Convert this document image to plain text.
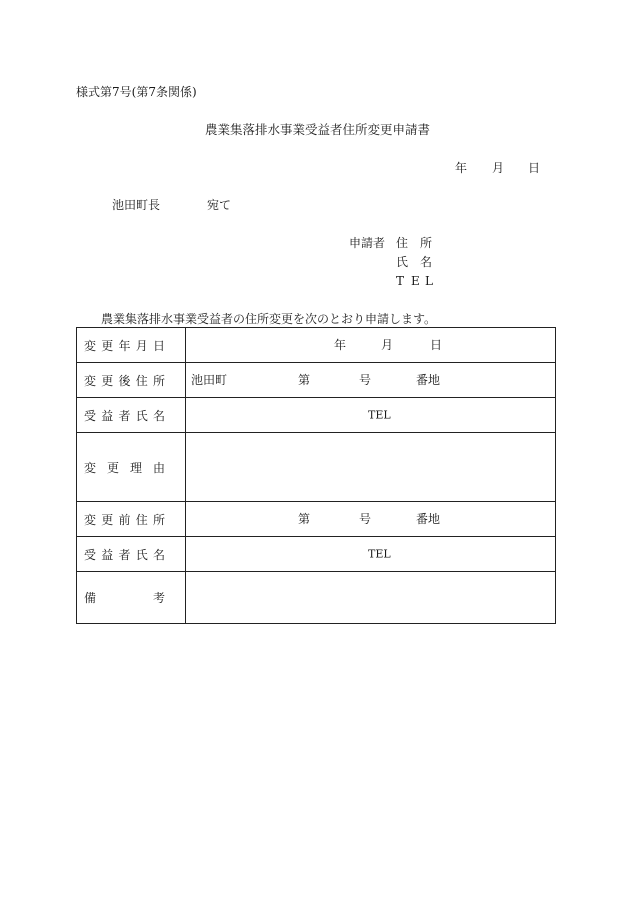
様式第7号(第7条関係)
農業集落排水事業受益者住所変更申請書
年 月 日
池田町長	宛て
申請者 住 所
氏 名
T E L
農業集落排水事業受益者の住所変更を次のとおり申請します。
変 更 年 月 日	年 月 日

変 更 後 住 所	池田町 第 号 番地

受 益 者 氏 名	TEL

変 更 理 由	

変 更 前 住 所	第 号 番地

受 益 者 氏 名	TEL

備 考	
